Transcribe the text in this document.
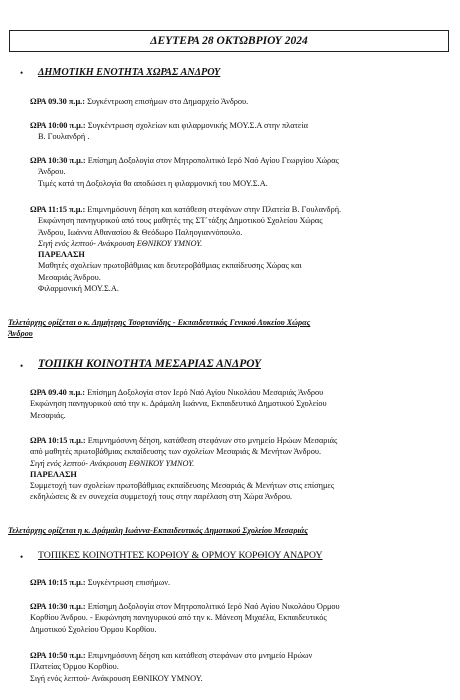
ΔΕΥΤΕΡΑ 28 ΟΚΤΩΒΡΙΟΥ 2024
• ΔΗΜΟΤΙΚΗ ΕΝΟΤΗΤΑ ΧΩΡΑΣ ΑΝΔΡΟΥ

ΩΡΑ 09.30 π.μ.: Συγκέντρωση επισήμων στο Δημαρχείο Άνδρου.

ΩΡΑ 10:00 π.μ.: Συγκέντρωση σχολείων και φιλαρμονικής ΜΟΥ.Σ.Α στην πλατεία

Β. Γουλανδρή .

ΩΡΑ 10:30 π.μ.: Επίσημη Δοξολογία στον Μητροπολιτικό Ιερό Ναό Αγίου Γεωργίου Χώρας

Άνδρου.

Τιμές κατά τη Δοξολογία θα αποδώσει η φιλαρμονική του ΜΟΥ.Σ.Α.

ΩΡΑ 11:15 π.μ.: Επιμνημόσυνη δέηση και κατάθεση στεφάνων στην Πλατεία Β. Γουλανδρή.

Εκφώνηση πανηγυρικού από τους μαθητές της ΣΤ΄τάξης Δημοτικού Σχολείου Χώρας

Άνδρου, Ιωάννα Αθανασίου & Θεόδωρο Παληογιαννόπουλο.

Σιγή ενός λεπτού- Ανάκρουση ΕΘΝΙΚΟΥ ΥΜΝΟΥ.

ΠΑΡΕΛΑΣΗ

Μαθητές σχολείων πρωτοβάθμιας και δευτεροβάθμιας εκπαίδευσης Χώρας και

Μεσαριάς Άνδρου.

Φιλαρμονική ΜΟΥ.Σ.Α.

Τελετάρχης ορίζεται ο κ. Δημήτρης Τσορτανίδης - Εκπαιδευτικός Γενικού Λυκείου Χώρας

Άνδρου

• ΤΟΠΙΚΗ ΚΟΙΝΟΤΗΤΑ ΜΕΣΑΡΙΑΣ ΑΝΔΡΟΥ

ΩΡΑ 09.40 π.μ.: Επίσημη Δοξολογία στον Ιερό Ναό Αγίου Νικολάου Μεσαριάς Άνδρου

Εκφώνηση πανηγυρικού από την κ. Δράμαλη Ιωάννα, Εκπαιδευτικό Δημοτικού Σχολείου

Μεσαριάς.

ΩΡΑ 10:15 π.μ.: Επιμνημόσυνη δέηση, κατάθεση στεφάνων στο μνημείο Ηρώων Μεσαριάς

από μαθητές πρωτοβάθμιας εκπαίδευσης των σχολείων Μεσαριάς & Μενήτων Άνδρου.

Σιγή ενός λεπτού- Ανάκρουση ΕΘΝΙΚΟΥ ΥΜΝΟΥ.

ΠΑΡΕΛΑΣΗ

Συμμετοχή των σχολείων πρωτοβάθμιας εκπαίδευσης Μεσαριάς & Μενήτων στις επίσημες

εκδηλώσεις & εν συνεχεία συμμετοχή τους στην παρέλαση στη Χώρα Άνδρου.

Τελετάρχης ορίζεται η κ. Δράμαλη Ιωάννα-Εκπαιδευτικός Δημοτικού Σχολείου Μεσαριάς

• ΤΟΠΙΚΕΣ ΚΟΙΝΟΤΗΤΕΣ ΚΟΡΘΙΟΥ & ΟΡΜΟΥ ΚΟΡΘΙΟΥ ΑΝΔΡΟΥ

ΩΡΑ 10:15 π.μ.: Συγκέντρωση επισήμων.

ΩΡΑ 10:30 π.μ.: Επίσημη Δοξολογία στον Μητροπολιτικό Ιερό Ναό Αγίου Νικολάου Όρμου

Κορθίου Άνδρου. - Εκφώνηση πανηγυρικού από την κ. Μάνεση Μιχαέλα, Εκπαιδευτικός

Δημοτικού Σχολείου Όρμου Κορθίου.

ΩΡΑ 10:50 π.μ.: Επιμνημόσυνη δέηση και κατάθεση στεφάνων στο μνημείο Ηρώων

Πλατείας Όρμου Κορθίου.

Σιγή ενός λεπτού- Ανάκρουση ΕΘΝΙΚΟΥ ΥΜΝΟΥ.
